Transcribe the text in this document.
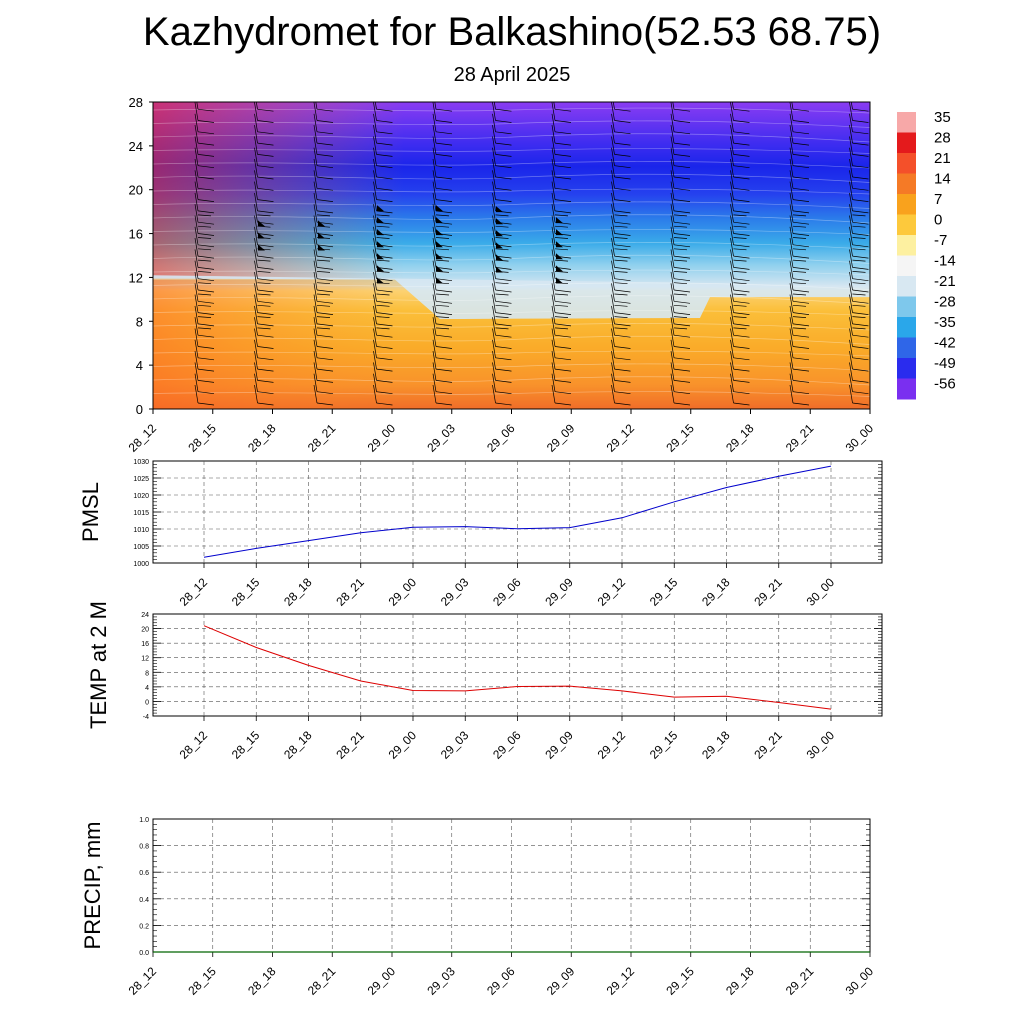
Kazhydromet for Balkashino(52.53 68.75)
28 April 2025
0
4
8
12
16
20
24
28
28_12 28_15 28_18 28_21 29_00 29_03 29_06 29_09 29_12 29_15 29_18 29_21 30_00
35
28
21
14
7
0
-7
-14
-21
-28
-35
-42
-49
-56
1000
1005
1010
1015
1020
1025
1030
28_12 28_15 28_18 28_21 29_00 29_03 29_06 29_09 29_12 29_15 29_18 29_21 30_00
PMSL
-4
0
4
8
12
16
20
24
28_12 28_15 28_18 28_21 29_00 29_03 29_06 29_09 29_12 29_15 29_18 29_21 30_00
TEMP at 2 M
0.0
0.2
0.4
0.6
0.8
1.0
28_12 28_15 28_18 28_21 29_00 29_03 29_06 29_09 29_12 29_15 29_18 29_21 30_00
PRECIP, mm
